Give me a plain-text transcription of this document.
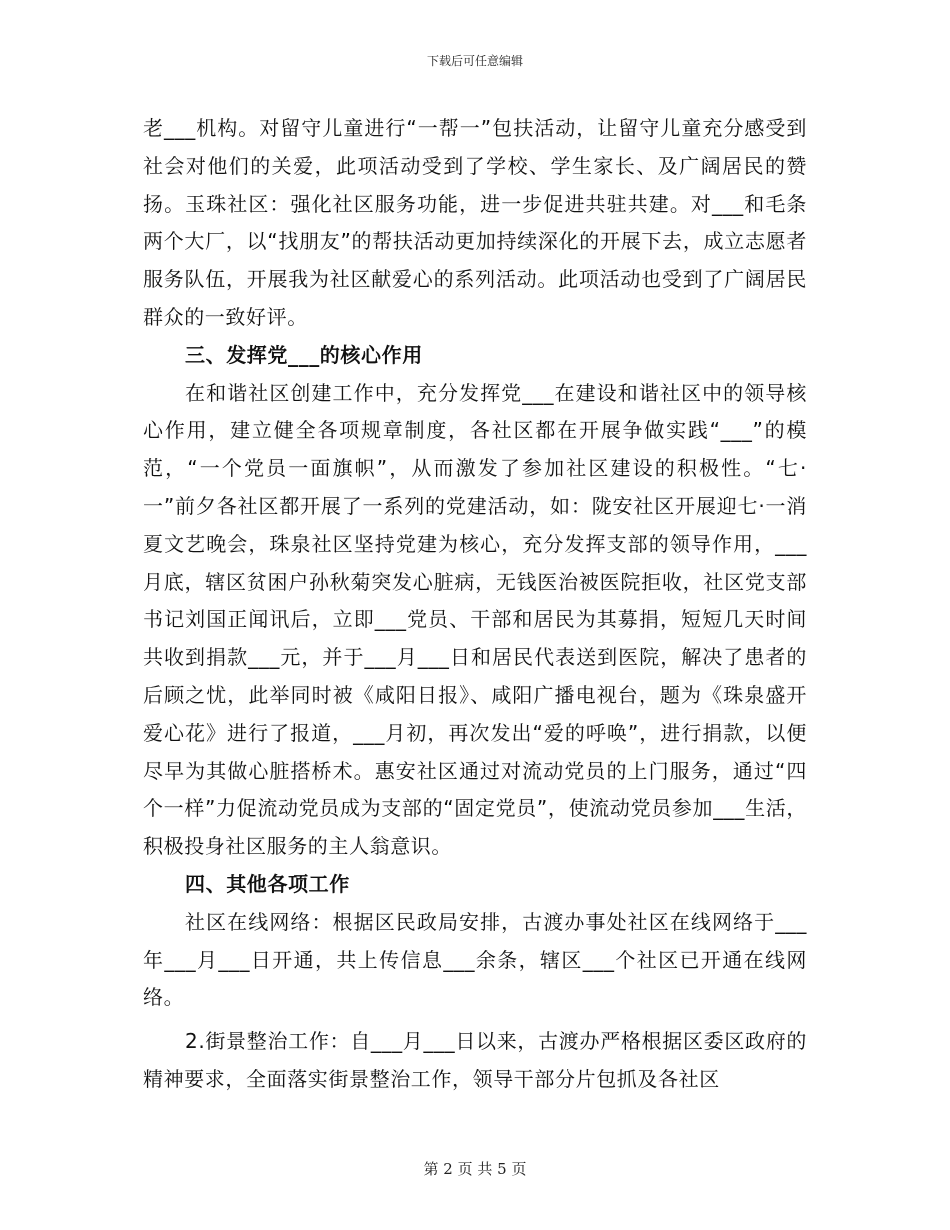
下载后可任意编辑

老___机构。对留守儿童进行“一帮一”包扶活动，让留守儿童充分感受到社会对他们的关爱，此项活动受到了学校、学生家长、及广阔居民的赞扬。玉珠社区：强化社区服务功能，进一步促进共驻共建。对___和毛条两个大厂，以“找朋友”的帮扶活动更加持续深化的开展下去，成立志愿者服务队伍，开展我为社区献爱心的系列活动。此项活动也受到了广阔居民群众的一致好评。

三、发挥党___的核心作用

在和谐社区创建工作中，充分发挥党___在建设和谐社区中的领导核心作用，建立健全各项规章制度，各社区都在开展争做实践“___”的模范，“一个党员一面旗帜”，从而激发了参加社区建设的积极性。“七·一”前夕各社区都开展了一系列的党建活动，如：陇安社区开展迎七·一消夏文艺晚会，珠泉社区坚持党建为核心，充分发挥支部的领导作用，___月底，辖区贫困户孙秋菊突发心脏病，无钱医治被医院拒收，社区党支部书记刘国正闻讯后，立即___党员、干部和居民为其募捐，短短几天时间共收到捐款___元，并于___月___日和居民代表送到医院，解决了患者的后顾之忧，此举同时被《咸阳日报》、咸阳广播电视台，题为《珠泉盛开爱心花》进行了报道，___月初，再次发出“爱的呼唤”，进行捐款，以便尽早为其做心脏搭桥术。惠安社区通过对流动党员的上门服务，通过“四个一样”力促流动党员成为支部的“固定党员”，使流动党员参加___生活，积极投身社区服务的主人翁意识。

四、其他各项工作

社区在线网络：根据区民政局安排，古渡办事处社区在线网络于___年___月___日开通，共上传信息___余条，辖区___个社区已开通在线网络。

2.街景整治工作：自___月___日以来，古渡办严格根据区委区政府的精神要求，全面落实街景整治工作，领导干部分片包抓及各社区

第 2 页 共 5 页
